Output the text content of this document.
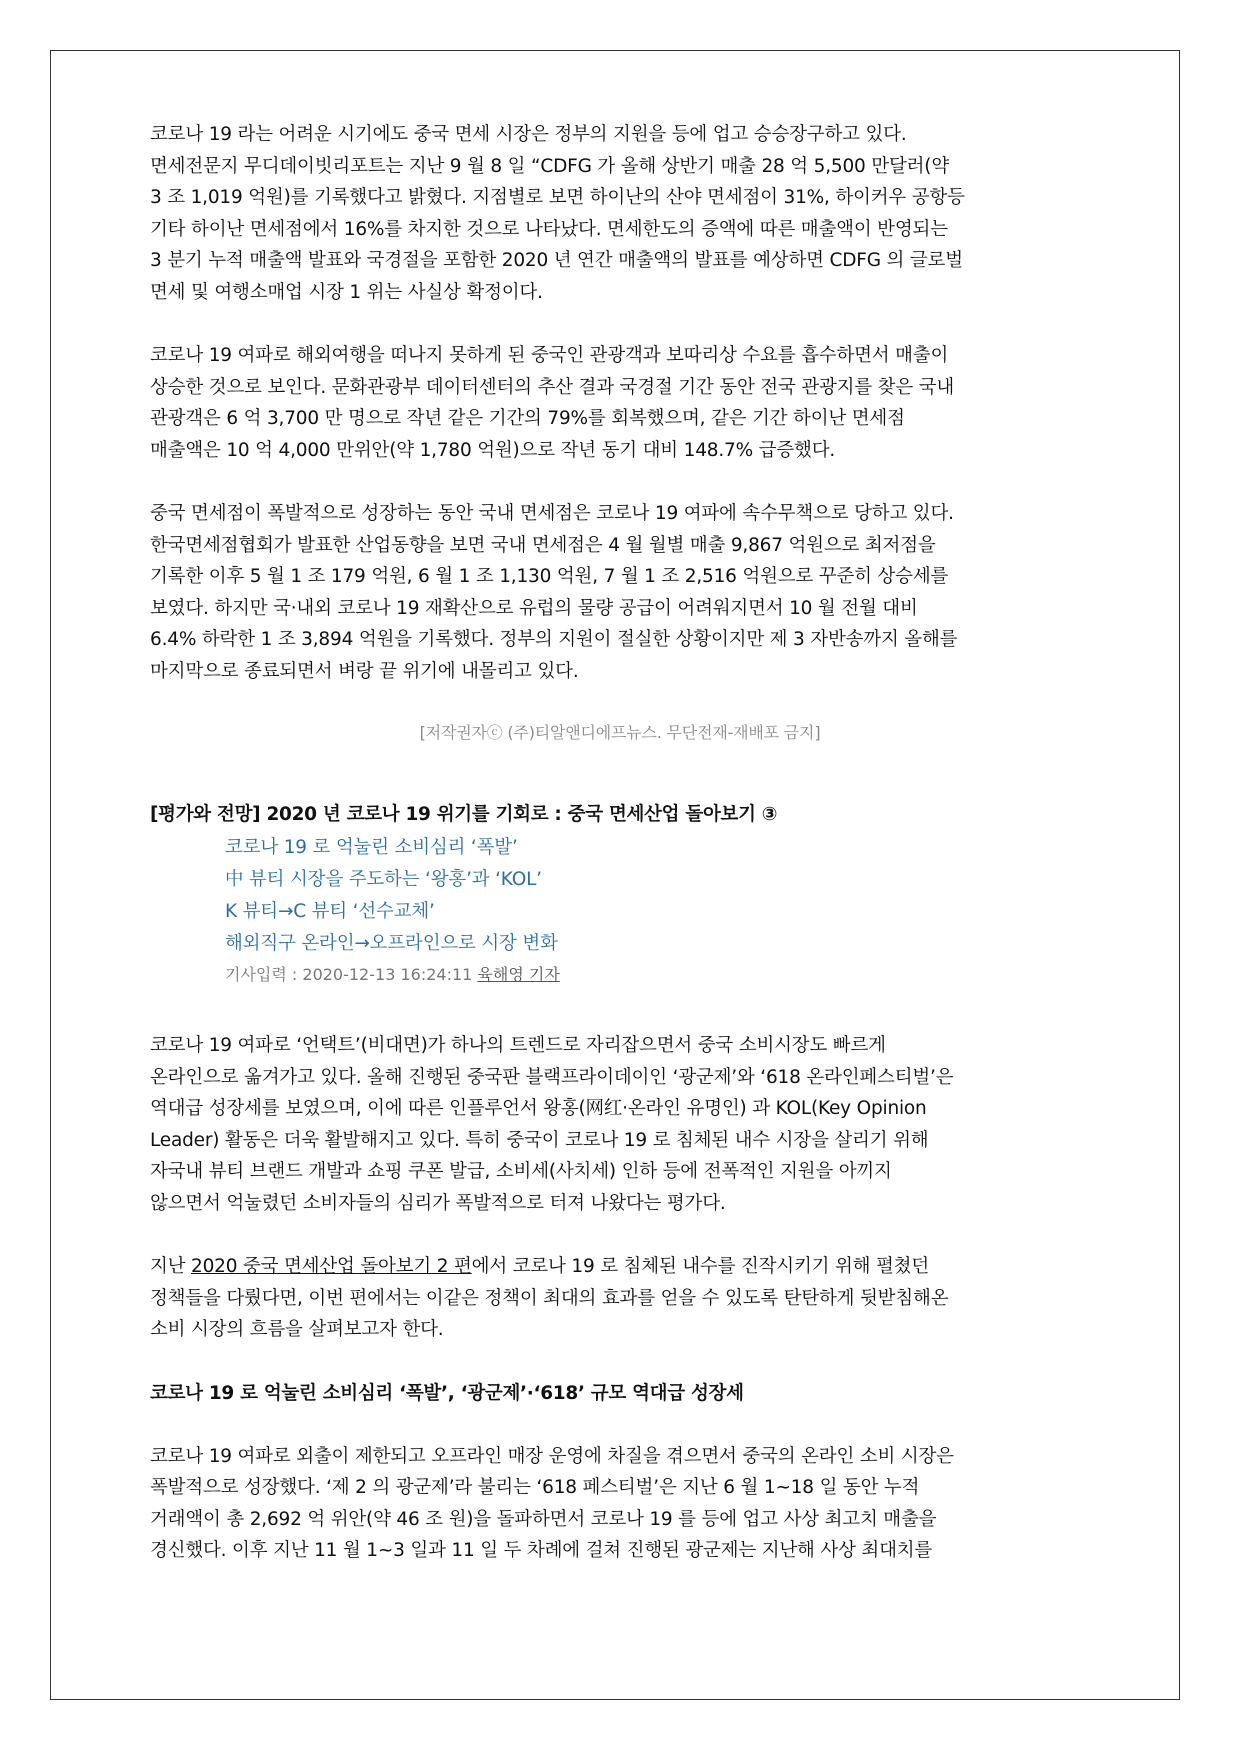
코로나 19 라는 어려운 시기에도 중국 면세 시장은 정부의 지원을 등에 업고 승승장구하고 있다.
면세전문지 무디데이빗리포트는 지난 9 월 8 일 “CDFG 가 올해 상반기 매출 28 억 5,500 만달러(약
3 조 1,019 억원)를 기록했다고 밝혔다. 지점별로 보면 하이난의 산야 면세점이 31%, 하이커우 공항등
기타 하이난 면세점에서 16%를 차지한 것으로 나타났다. 면세한도의 증액에 따른 매출액이 반영되는
3 분기 누적 매출액 발표와 국경절을 포함한 2020 년 연간 매출액의 발표를 예상하면 CDFG 의 글로벌
면세 및 여행소매업 시장 1 위는 사실상 확정이다.
코로나 19 여파로 해외여행을 떠나지 못하게 된 중국인 관광객과 보따리상 수요를 흡수하면서 매출이
상승한 것으로 보인다. 문화관광부 데이터센터의 추산 결과 국경절 기간 동안 전국 관광지를 찾은 국내
관광객은 6 억 3,700 만 명으로 작년 같은 기간의 79%를 회복했으며, 같은 기간 하이난 면세점
매출액은 10 억 4,000 만위안(약 1,780 억원)으로 작년 동기 대비 148.7% 급증했다.
중국 면세점이 폭발적으로 성장하는 동안 국내 면세점은 코로나 19 여파에 속수무책으로 당하고 있다.
한국면세점협회가 발표한 산업동향을 보면 국내 면세점은 4 월 월별 매출 9,867 억원으로 최저점을
기록한 이후 5 월 1 조 179 억원, 6 월 1 조 1,130 억원, 7 월 1 조 2,516 억원으로 꾸준히 상승세를
보였다. 하지만 국·내외 코로나 19 재확산으로 유럽의 물량 공급이 어려워지면서 10 월 전월 대비
6.4% 하락한 1 조 3,894 억원을 기록했다. 정부의 지원이 절실한 상황이지만 제 3 자반송까지 올해를
마지막으로 종료되면서 벼랑 끝 위기에 내몰리고 있다.

[저작권자ⓒ (주)티알앤디에프뉴스. 무단전재-재배포 금지]

[평가와 전망] 2020 년 코로나 19 위기를 기회로 : 중국 면세산업 돌아보기 ③
코로나 19 로 억눌린 소비심리 ‘폭발’
中 뷰티 시장을 주도하는 ‘왕홍’과 ‘KOL’
K 뷰티→C 뷰티 ‘선수교체’
해외직구 온라인→오프라인으로 시장 변화
기사입력 : 2020-12-13 16:24:11 육해영 기자
코로나 19 여파로 ‘언택트’(비대면)가 하나의 트렌드로 자리잡으면서 중국 소비시장도 빠르게
온라인으로 옮겨가고 있다. 올해 진행된 중국판 블랙프라이데이인 ‘광군제’와 ‘618 온라인페스티벌’은
역대급 성장세를 보였으며, 이에 따른 인플루언서 왕홍(网红·온라인 유명인) 과 KOL(Key Opinion
Leader) 활동은 더욱 활발해지고 있다. 특히 중국이 코로나 19 로 침체된 내수 시장을 살리기 위해
자국내 뷰티 브랜드 개발과 쇼핑 쿠폰 발급, 소비세(사치세) 인하 등에 전폭적인 지원을 아끼지
않으면서 억눌렸던 소비자들의 심리가 폭발적으로 터져 나왔다는 평가다.
지난 2020 중국 면세산업 돌아보기 2 편에서 코로나 19 로 침체된 내수를 진작시키기 위해 펼쳤던
정책들을 다뤘다면, 이번 편에서는 이같은 정책이 최대의 효과를 얻을 수 있도록 탄탄하게 뒷받침해온
소비 시장의 흐름을 살펴보고자 한다.
코로나 19 로 억눌린 소비심리 ‘폭발’, ‘광군제’·‘618’ 규모 역대급 성장세
코로나 19 여파로 외출이 제한되고 오프라인 매장 운영에 차질을 겪으면서 중국의 온라인 소비 시장은
폭발적으로 성장했다. ‘제 2 의 광군제’라 불리는 ‘618 페스티벌’은 지난 6 월 1~18 일 동안 누적
거래액이 총 2,692 억 위안(약 46 조 원)을 돌파하면서 코로나 19 를 등에 업고 사상 최고치 매출을
경신했다. 이후 지난 11 월 1~3 일과 11 일 두 차례에 걸쳐 진행된 광군제는 지난해 사상 최대치를
